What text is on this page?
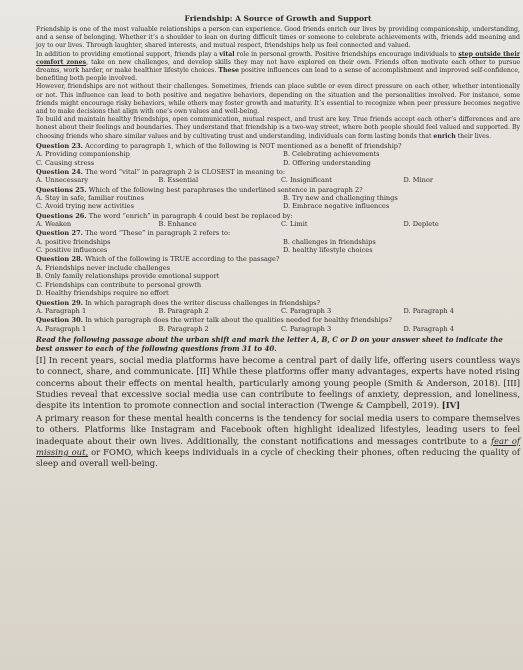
Friendship: A Source of Growth and Support

Friendship is one of the most valuable relationships a person can experience. Good friends enrich our lives by providing companionship, understanding, and a sense of belonging. Whether it’s a shoulder to lean on during difficult times or someone to celebrate achievements with, friends add meaning and joy to our lives. Through laughter, shared interests, and mutual respect, friendships help us feel connected and valued.

In addition to providing emotional support, friends play a vital role in personal growth. Positive friendships encourage individuals to step outside their comfort zones, take on new challenges, and develop skills they may not have explored on their own. Friends often motivate each other to pursue dreams, work harder, or make healthier lifestyle choices. These positive influences can lead to a sense of accomplishment and improved self-confidence, benefiting both people involved.

However, friendships are not without their challenges. Sometimes, friends can place subtle or even direct pressure on each other, whether intentionally or not. This influence can lead to both positive and negative behaviors, depending on the situation and the personalities involved. For instance, some friends might encourage risky behaviors, while others may foster growth and maturity. It’s essential to recognize when peer pressure becomes negative and to make decisions that align with one’s own values and well-being.

To build and maintain healthy friendships, open communication, mutual respect, and trust are key. True friends accept each other’s differences and are honest about their feelings and boundaries. They understand that friendship is a two-way street, where both people should feel valued and supported. By choosing friends who share similar values and by cultivating trust and understanding, individuals can form lasting bonds that enrich their lives.

Question 23. According to paragraph 1, which of the following is NOT mentioned as a benefit of friendship?
A. Providing companionship	B. Celebrating achievements
C. Causing stress	D. Offering understanding
Question 24. The word “vital” in paragraph 2 is CLOSEST in meaning to:
A. Unnecessary	B. Essential	C. Insignificant	D. Minor
Questions 25. Which of the following best paraphrases the underlined sentence in paragraph 2?
A. Stay in safe, familiar routines	B. Try new and challenging things
C. Avoid trying new activities	D. Embrace negative influences
Questions 26. The word “enrich” in paragraph 4 could best be replaced by:
A. Weaken	B. Enhance	C. Limit	D. Deplete
Question 27. The word “These” in paragraph 2 refers to:
A. positive friendships	B. challenges in friendships
C. positive influences	D. healthy lifestyle choices
Question 28. Which of the following is TRUE according to the passage?
A. Friendships never include challenges
B. Only family relationships provide emotional support
C. Friendships can contribute to personal growth
D. Healthy friendships require no effort
Question 29. In which paragraph does the writer discuss challenges in friendships?
A. Paragraph 1	B. Paragraph 2	C. Paragraph 3	D. Paragraph 4
Question 30. In which paragraph does the writer talk about the qualities needed for healthy friendships?
A. Paragraph 1	B. Paragraph 2	C. Paragraph 3	D. Paragraph 4
Read the following passage about the urban shift and mark the letter A, B, C or D on your answer sheet to indicate the best answer to each of the following questions from 31 to 40.
[I] In recent years, social media platforms have become a central part of daily life, offering users countless ways to connect, share, and communicate. [II] While these platforms offer many advantages, experts have noted rising concerns about their effects on mental health, particularly among young people (Smith & Anderson, 2018). [III] Studies reveal that excessive social media use can contribute to feelings of anxiety, depression, and loneliness, despite its intention to promote connection and social interaction (Twenge & Campbell, 2019). [IV]
A primary reason for these mental health concerns is the tendency for social media users to compare themselves to others. Platforms like Instagram and Facebook often highlight idealized lifestyles, leading users to feel inadequate about their own lives. Additionally, the constant notifications and messages contribute to a fear of missing out, or FOMO, which keeps individuals in a cycle of checking their phones, often reducing the quality of sleep and overall well-being.
